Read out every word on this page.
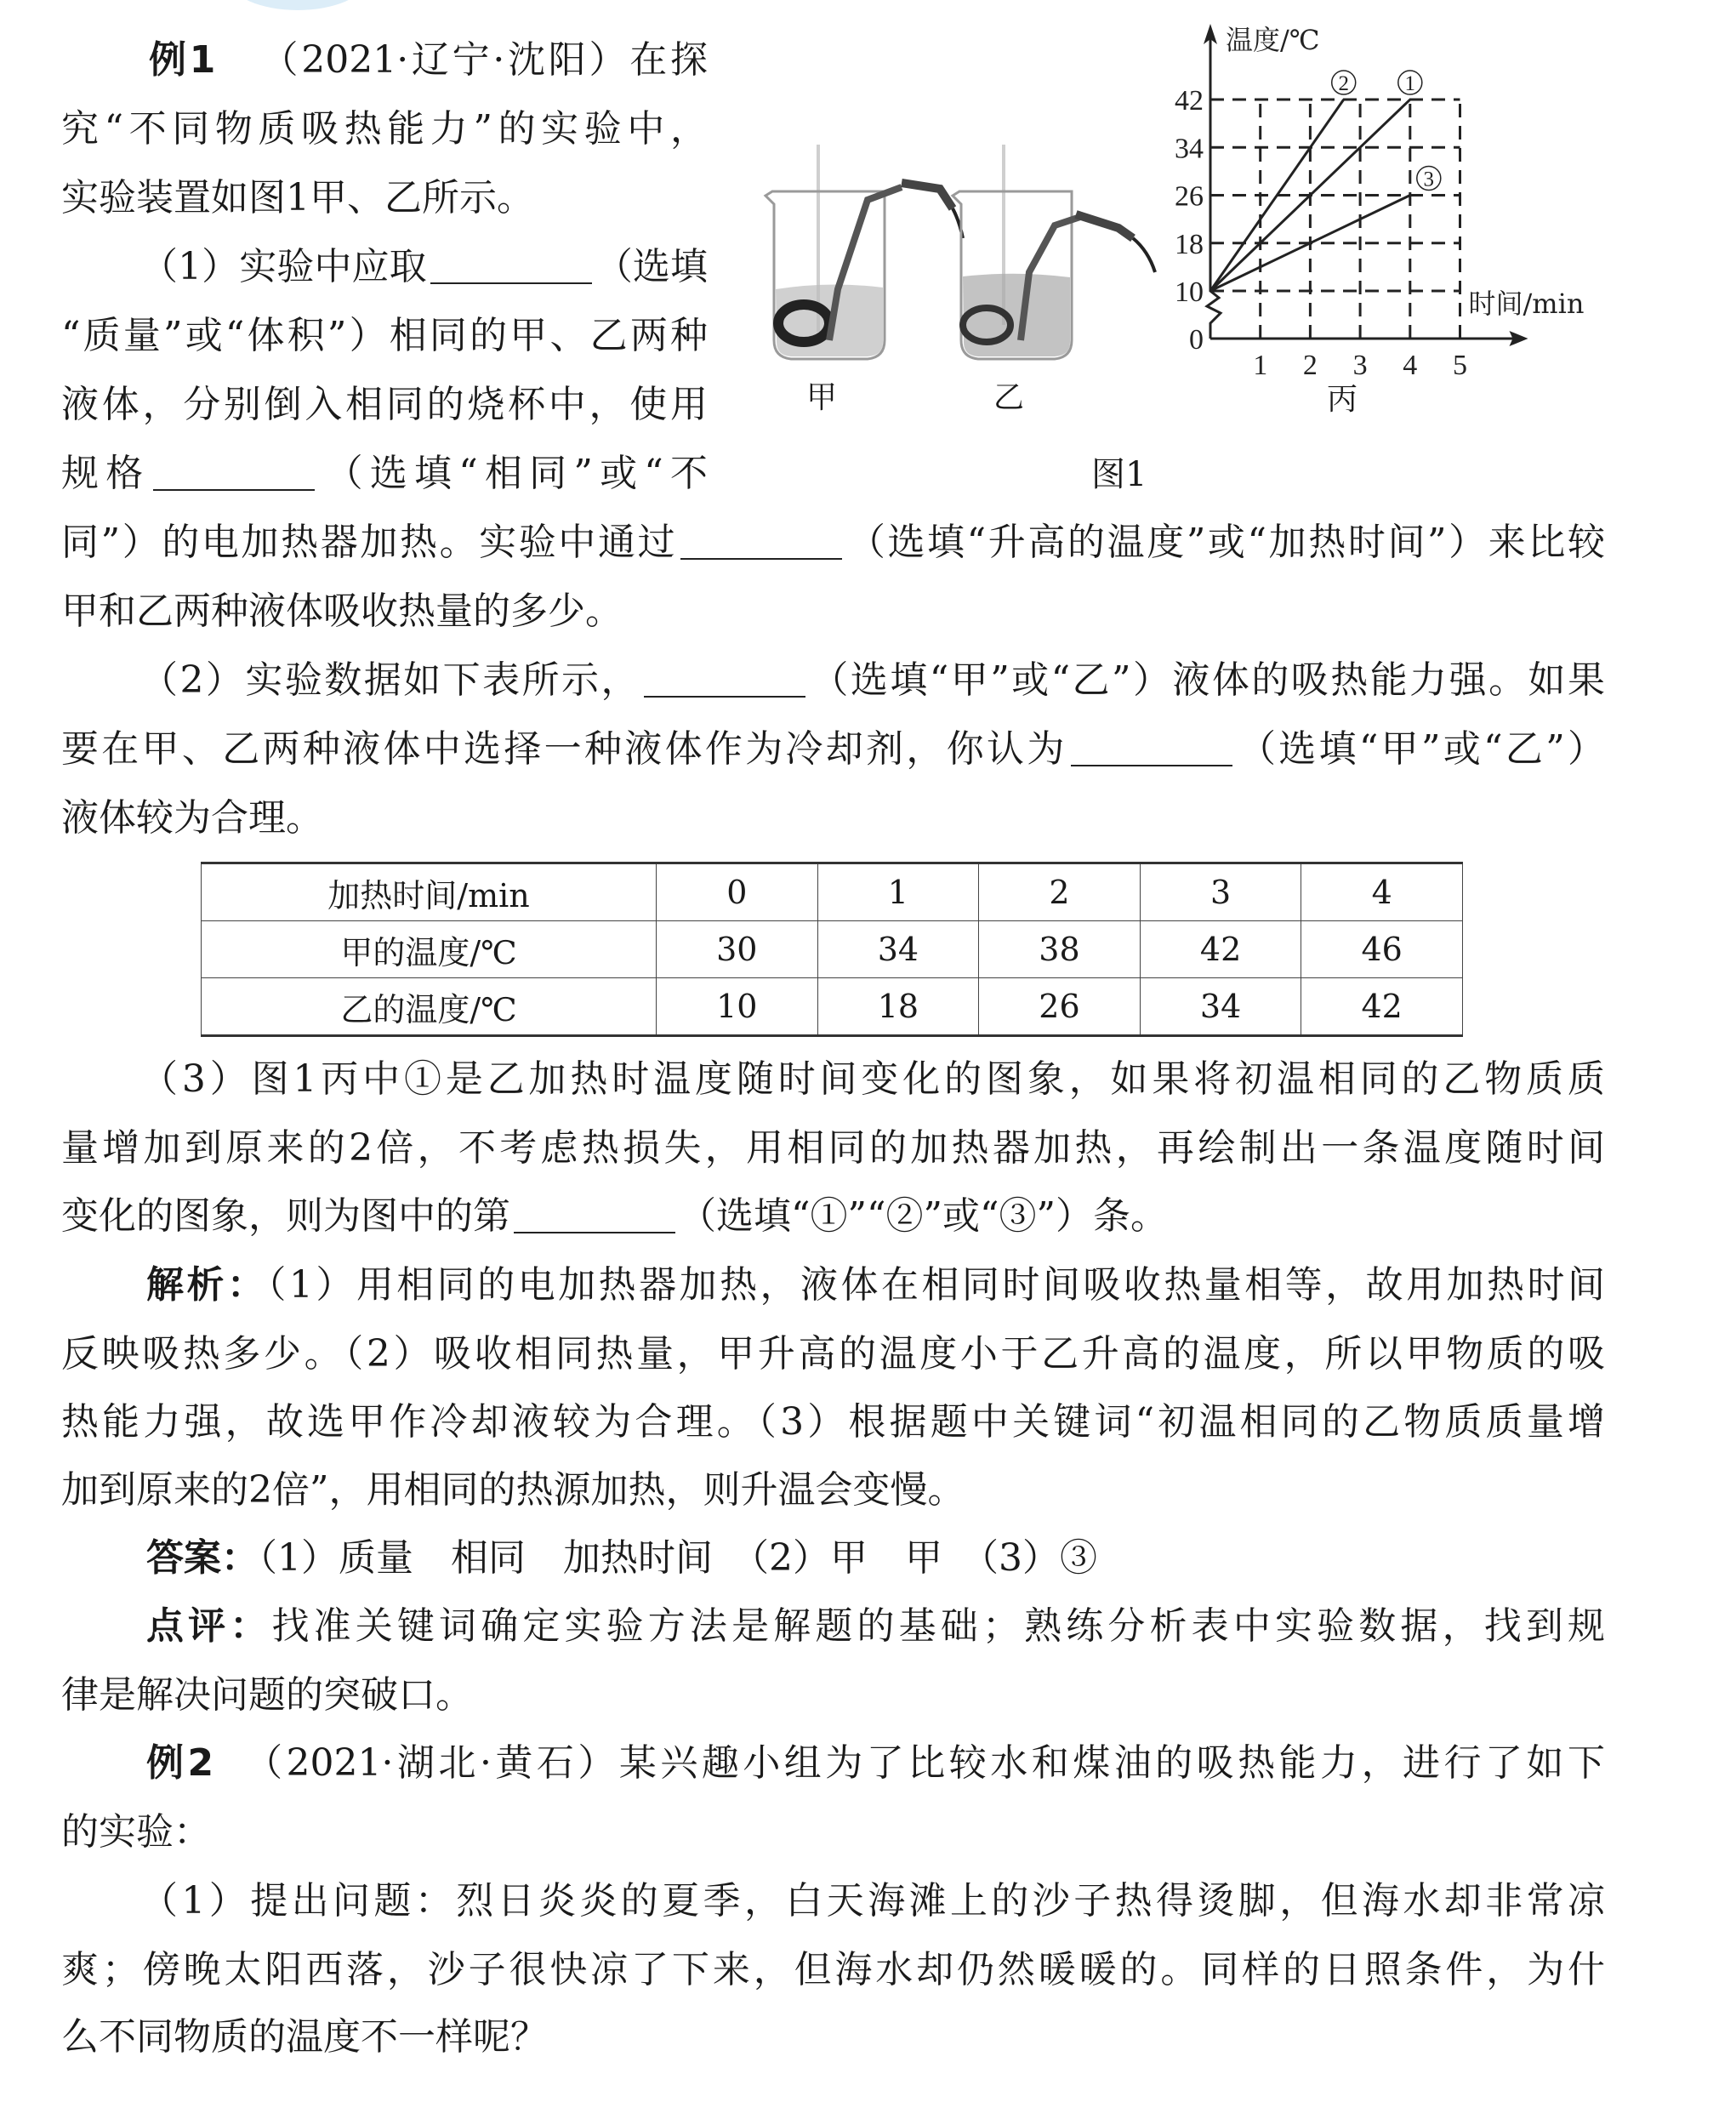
例1 （2021·辽宁·沈阳）在探
究“不同物质吸热能力”的实验中，
实验装置如图1甲、乙所示。
（1）实验中应取	（选填
“质量”或“体积”）相同的甲、乙两种
液体，分别倒入相同的烧杯中，使用
规格	（选填“相同”或“不
同”）的电加热器加热。实验中通过	（选填“升高的温度”或“加热时间”）来比较
甲和乙两种液体吸收热量的多少。
（2）实验数据如下表所示，	（选填“甲”或“乙”）液体的吸热能力强。如果
要在甲、乙两种液体中选择一种液体作为冷却剂，你认为	（选填“甲”或“乙”）
液体较为合理。
加热时间/min	0	1	2	3	4
甲的温度/℃	30	34	38	42	46
乙的温度/℃	10	18	26	34	42
（3）图1丙中①是乙加热时温度随时间变化的图象，如果将初温相同的乙物质质
量增加到原来的2倍，不考虑热损失，用相同的加热器加热，再绘制出一条温度随时间
变化的图象，则为图中的第	（选填“①”“②”或“③”）条。
解析：（1）用相同的电加热器加热，液体在相同时间吸收热量相等，故用加热时间
反映吸热多少。（2）吸收相同热量，甲升高的温度小于乙升高的温度，所以甲物质的吸
热能力强，故选甲作冷却液较为合理。（3）根据题中关键词“初温相同的乙物质质量增
加到原来的2倍”，用相同的热源加热，则升温会变慢。
答案：（1）质量　相同　加热时间　（2）甲　甲　（3）③
点评：找准关键词确定实验方法是解题的基础；熟练分析表中实验数据，找到规
律是解决问题的突破口。
例2 （2021·湖北·黄石）某兴趣小组为了比较水和煤油的吸热能力，进行了如下
的实验：
（1）提出问题：烈日炎炎的夏季，白天海滩上的沙子热得烫脚，但海水却非常凉
爽；傍晚太阳西落，沙子很快凉了下来，但海水却仍然暖暖的。同样的日照条件，为什
么不同物质的温度不一样呢？
甲	乙
图1
1
2
3
0
10
18
26
34
42
1 2 3 4 5
温度/℃
时间/min
丙
